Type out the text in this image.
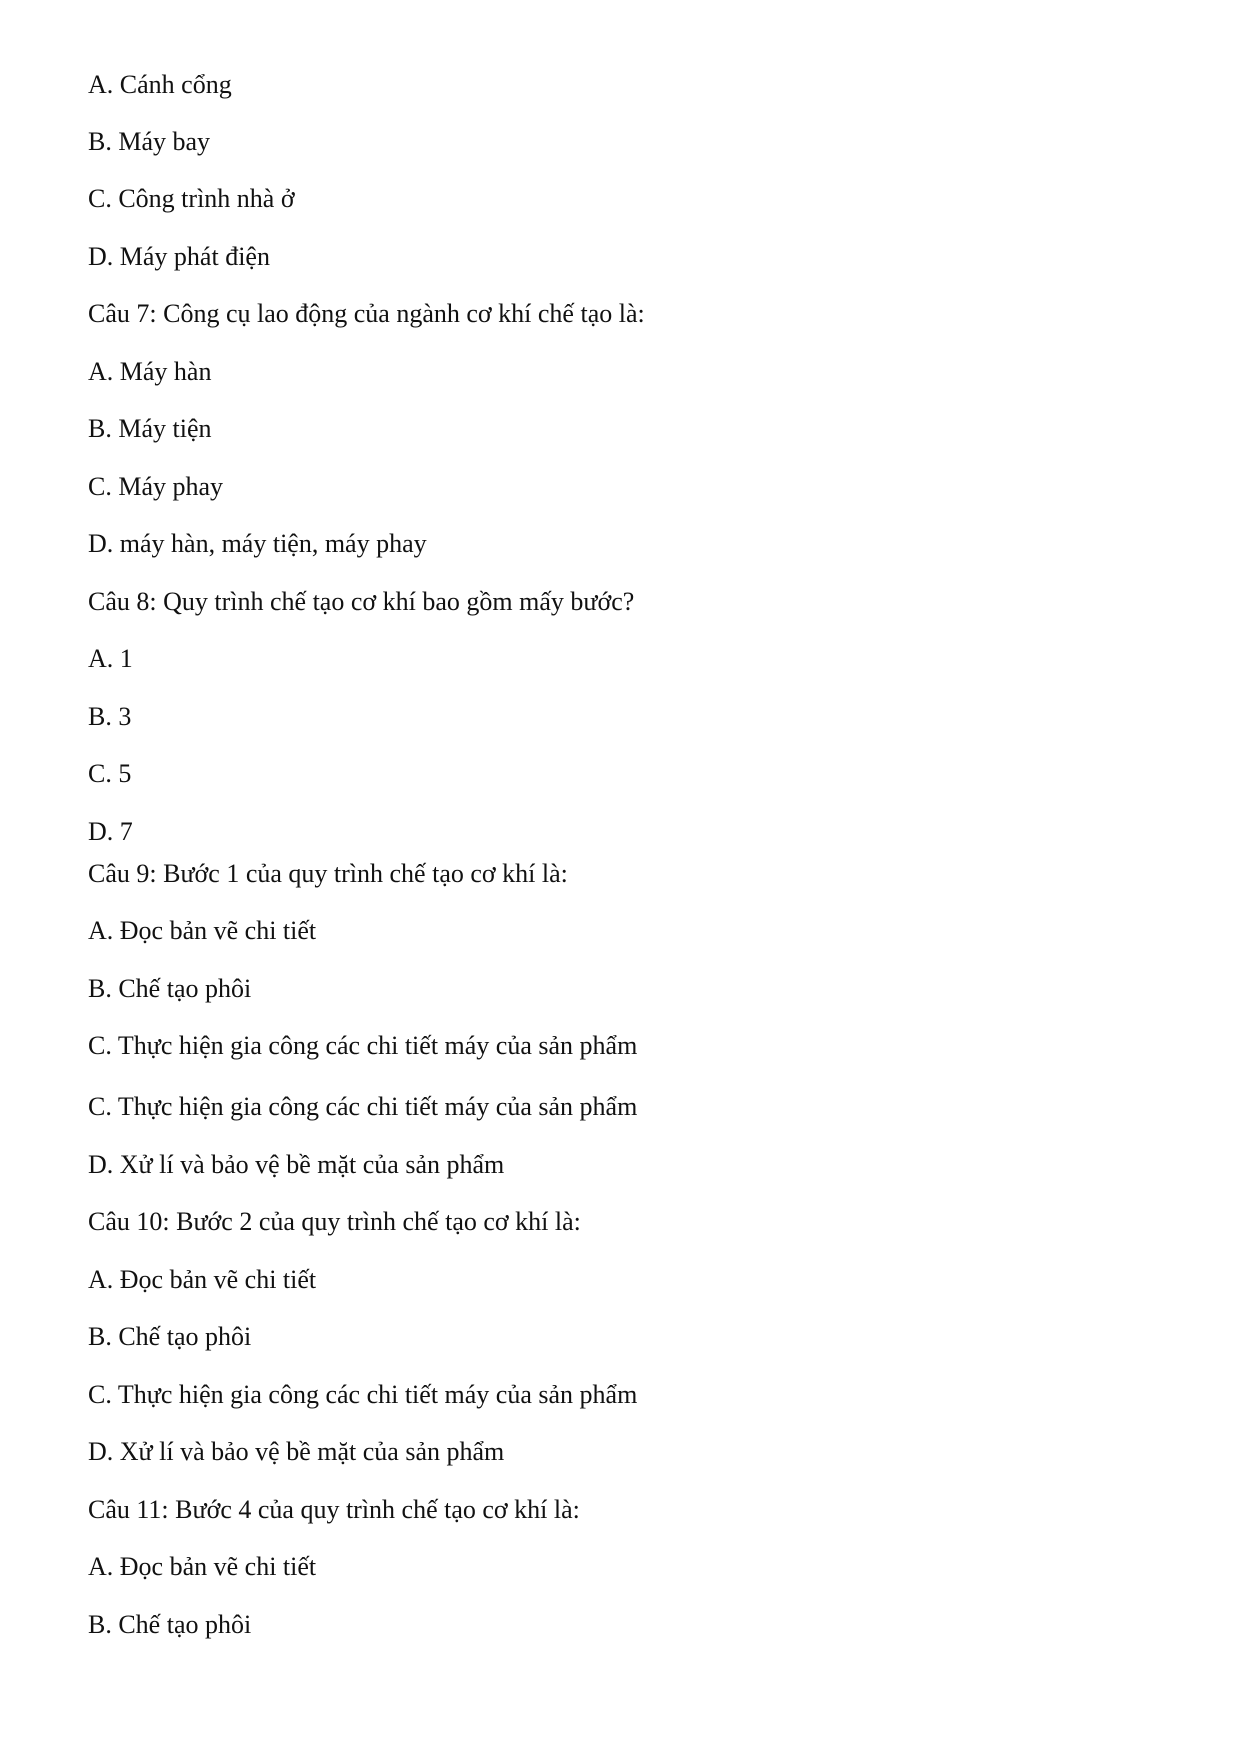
A. Cánh cổng

B. Máy bay

C. Công trình nhà ở

D. Máy phát điện

Câu 7: Công cụ lao động của ngành cơ khí chế tạo là:

A. Máy hàn

B. Máy tiện

C. Máy phay

D. máy hàn, máy tiện, máy phay

Câu 8: Quy trình chế tạo cơ khí bao gồm mấy bước?

A. 1

B. 3

C. 5

D. 7

Câu 9: Bước 1 của quy trình chế tạo cơ khí là:

A. Đọc bản vẽ chi tiết

B. Chế tạo phôi

C. Thực hiện gia công các chi tiết máy của sản phẩm

C. Thực hiện gia công các chi tiết máy của sản phẩm

D. Xử lí và bảo vệ bề mặt của sản phẩm

Câu 10: Bước 2 của quy trình chế tạo cơ khí là:

A. Đọc bản vẽ chi tiết

B. Chế tạo phôi

C. Thực hiện gia công các chi tiết máy của sản phẩm

D. Xử lí và bảo vệ bề mặt của sản phẩm

Câu 11: Bước 4 của quy trình chế tạo cơ khí là:

A. Đọc bản vẽ chi tiết

B. Chế tạo phôi
